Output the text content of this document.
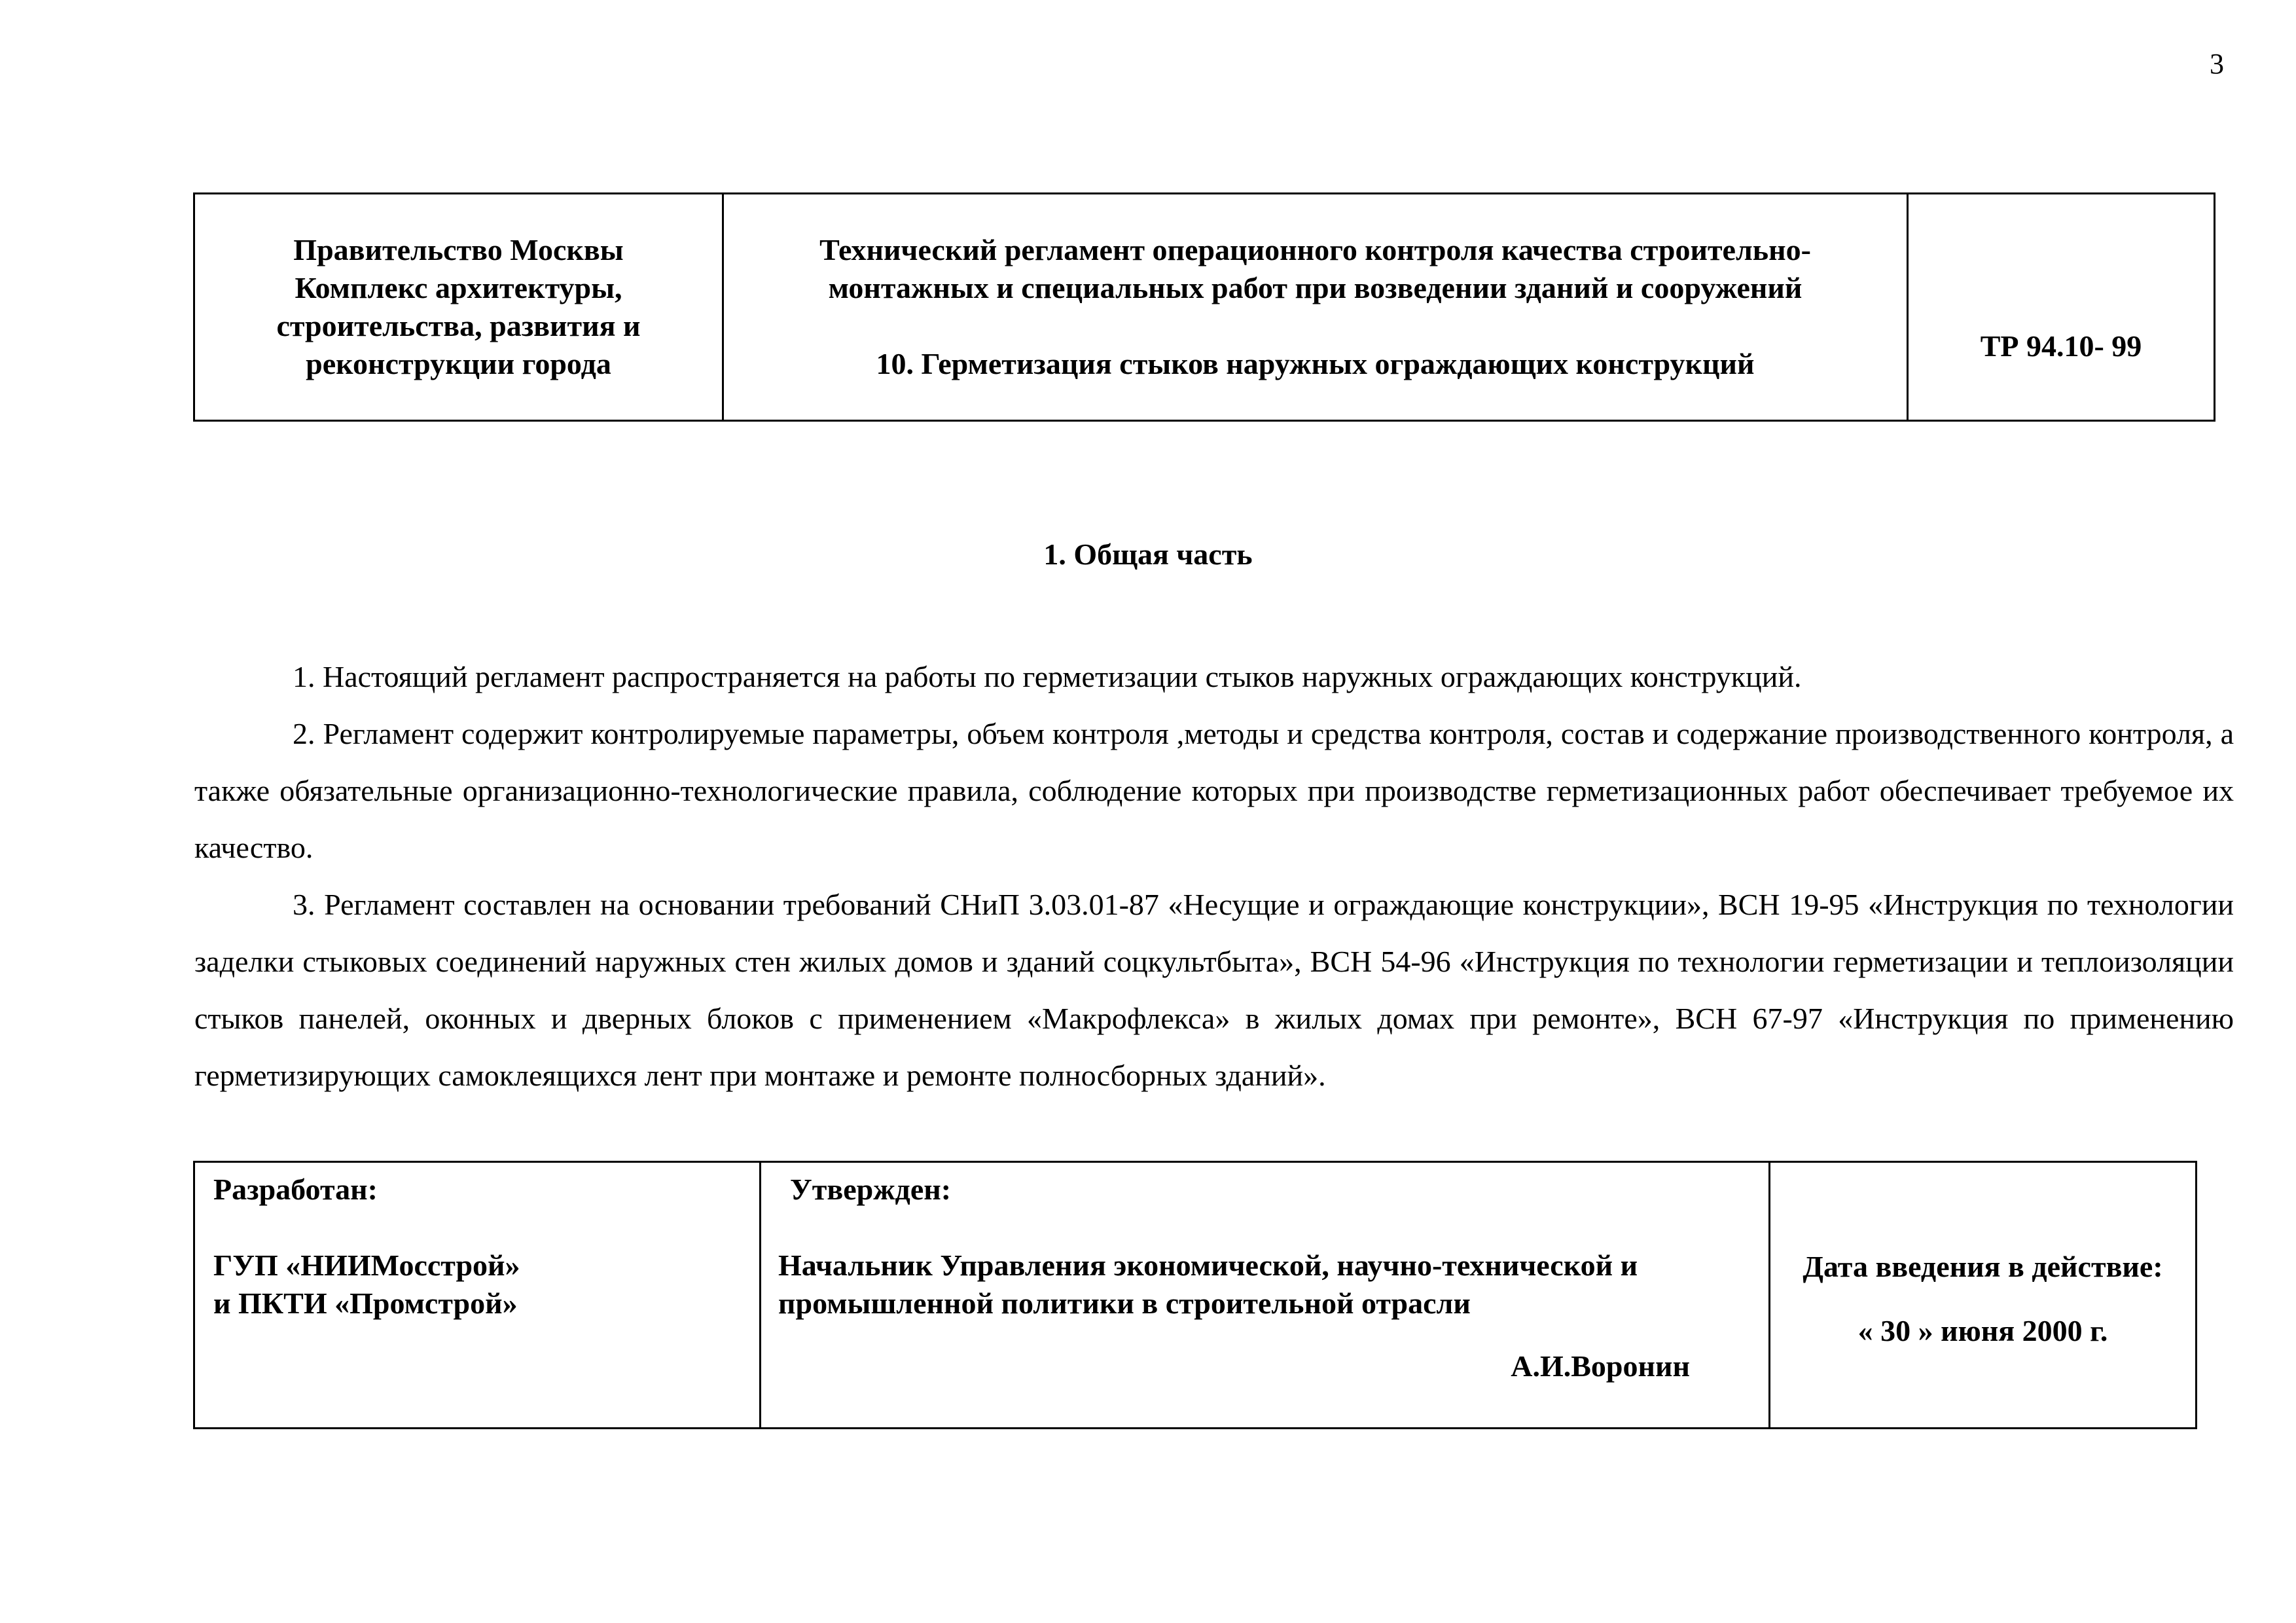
3
Правительство Москвы
Комплекс архитектуры,
строительства, развития и
реконструкции города
Технический регламент операционного контроля качества строительно-
монтажных и специальных работ при возведении зданий и сооружений
10. Герметизация стыков наружных ограждающих конструкций
ТР 94.10- 99
1. Общая часть

1. Настоящий регламент распространяется на работы по герметизации стыков наружных ограждающих конструкций.

2. Регламент содержит контролируемые параметры, объем контроля ,методы и средства контроля, состав и содержание производственного контроля, а также обязательные организационно-технологические правила, соблюдение которых при производстве герметизационных работ обеспечивает требуемое их качество.

3. Регламент составлен на основании требований СНиП 3.03.01-87 «Несущие и ограждающие конструкции», ВСН 19-95 «Инструкция по технологии заделки стыковых соединений наружных стен жилых домов и зданий соцкультбыта», ВСН 54-96 «Инструкция по технологии герметизации и теплоизоляции стыков панелей, оконных и дверных блоков с применением «Макрофлекса» в жилых домах при ремонте», ВСН 67-97 «Инструкция по применению герметизирующих самоклеящихся лент при монтаже и ремонте полносборных зданий».

Разработан:
ГУП «НИИМосстрой»
и ПКТИ «Промстрой»
Утвержден:
Начальник Управления экономической, научно-технической и
промышленной политики в строительной отрасли
А.И.Воронин
Дата введения в действие:
« 30 » июня 2000 г.
